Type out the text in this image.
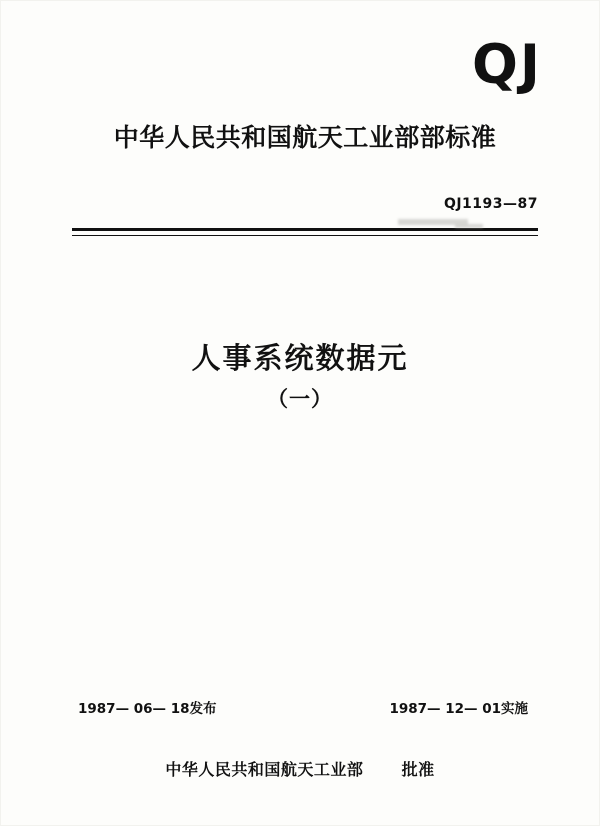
QJ
中华人民共和国航天工业部部标准
QJ1193—87
人事系统数据元
（一）
1987— 06— 18发布	1987— 12— 01实施
中华人民共和国航天工业部 批准
